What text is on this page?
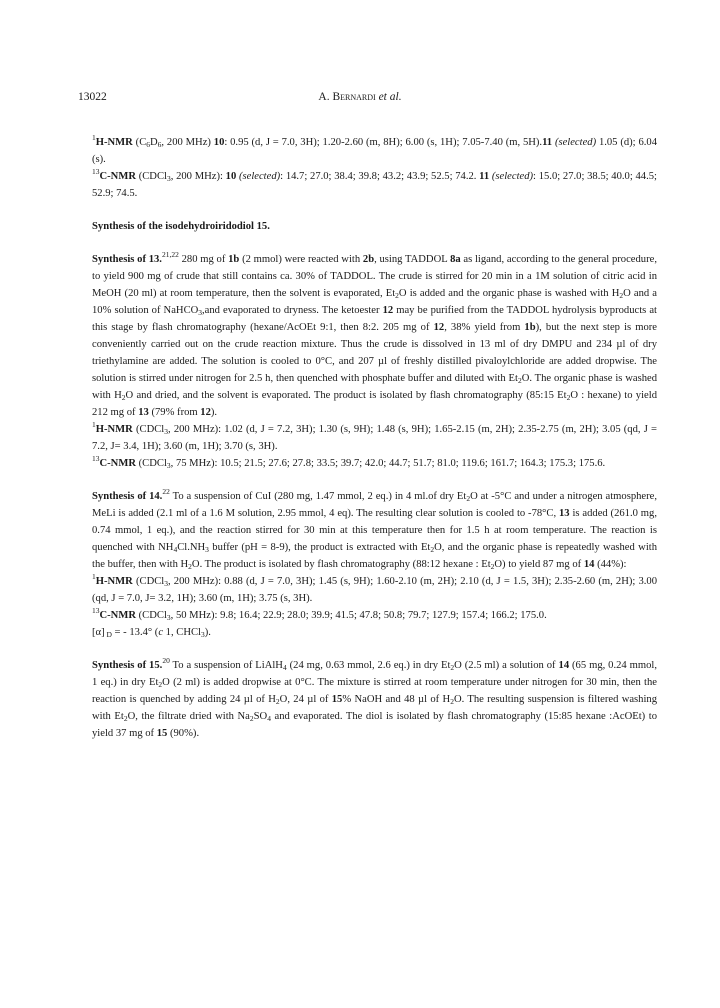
13022	A. Bernardi et al.

$^1$H-NMR ($C_6D_6$, 200 MHz) 10: 0.95 (d, J = 7.0, 3H); 1.20-2.60 (m, 8H); 6.00 (s, 1H); 7.05-7.40 (m, 5H).11 (selected) 1.05 (d); 6.04 (s).

$^{13}$C-NMR (CDCl$_3$, 200 MHz): 10 (selected): 14.7; 27.0; 38.4; 39.8; 43.2; 43.9; 52.5; 74.2. 11 (selected): 15.0; 27.0; 38.5; 40.0; 44.5; 52.9; 74.5.

Synthesis of the isodehydroiridodiol 15.

Synthesis of 13.$^{21,22}$ 280 mg of 1b (2 mmol) were reacted with 2b, using TADDOL 8a as ligand, according to the general procedure, to yield 900 mg of crude that still contains ca. 30% of TADDOL. The crude is stirred for 20 min in a 1M solution of citric acid in MeOH (20 ml) at room temperature, then the solvent is evaporated, $Et_2O$ is added and the organic phase is washed with $H_2O$ and a 10% solution of NaHCO$_3$,and evaporated to dryness. The ketoester 12 may be purified from the TADDOL hydrolysis byproducts at this stage by flash chromatography (hexane/AcOEt 9:1, then 8:2. 205 mg of 12, 38% yield from 1b), but the next step is more conveniently carried out on the crude reaction mixture. Thus the crude is dissolved in 13 ml of dry DMPU and 234 µl of dry triethylamine are added. The solution is cooled to 0°C, and 207 µl of freshly distilled pivaloylchloride are added dropwise. The solution is stirred under nitrogen for 2.5 h, then quenched with phosphate buffer and diluted with $Et_2O$. The organic phase is washed with $H_2O$ and dried, and the solvent is evaporated. The product is isolated by flash chromatography (85:15 $Et_2O$ : hexane) to yield 212 mg of 13 (79% from 12).

$^1$H-NMR (CDCl$_3$, 200 MHz): 1.02 (d, J = 7.2, 3H); 1.30 (s, 9H); 1.48 (s, 9H); 1.65-2.15 (m, 2H); 2.35-2.75 (m, 2H); 3.05 (qd, J = 7.2, J= 3.4, 1H); 3.60 (m, 1H); 3.70 (s, 3H).

$^{13}$C-NMR (CDCl$_3$, 75 MHz): 10.5; 21.5; 27.6; 27.8; 33.5; 39.7; 42.0; 44.7; 51.7; 81.0; 119.6; 161.7; 164.3; 175.3; 175.6.

Synthesis of 14.22 To a suspension of CuI (280 mg, 1.47 mmol, 2 eq.) in 4 ml.of dry $Et_2O$ at -5°C and under a nitrogen atmosphere, MeLi is added (2.1 ml of a 1.6 M solution, 2.95 mmol, 4 eq). The resulting clear solution is cooled to -78°C, 13 is added (261.0 mg, 0.74 mmol, 1 eq.), and the reaction stirred for 30 min at this temperature then for 1.5 h at room temperature. The reaction is quenched with $NH_4Cl.NH_3$ buffer (pH = 8-9), the product is extracted with $Et_2O$, and the organic phase is repeatedly washed with the buffer, then with $H_2O$. The product is isolated by flash chromatography (88:12 hexane : $Et_2O$) to yield 87 mg of 14 (44%):

$^1$H-NMR (CDCl$_3$, 200 MHz): 0.88 (d, J = 7.0, 3H); 1.45 (s, 9H); 1.60-2.10 (m, 2H); 2.10 (d, J = 1.5, 3H); 2.35-2.60 (m, 2H); 3.00 (qd, J = 7.0, J= 3.2, 1H); 3.60 (m, 1H); 3.75 (s, 3H).

$^{13}$C-NMR (CDCl$_3$, 50 MHz): 9.8; 16.4; 22.9; 28.0; 39.9; 41.5; 47.8; 50.8; 79.7; 127.9; 157.4; 166.2; 175.0.

[α] $_D$ = - 13.4° (c 1, CHCl$_3$).

Synthesis of 15.20 To a suspension of LiAlH$_4$ (24 mg, 0.63 mmol, 2.6 eq.) in dry $Et_2O$ (2.5 ml) a solution of 14 (65 mg, 0.24 mmol, 1 eq.) in dry $Et_2O$ (2 ml) is added dropwise at 0°C. The mixture is stirred at room temperature under nitrogen for 30 min, then the reaction is quenched by adding 24 µl of $H_2O$, 24 µl of 15% NaOH and 48 µl of $H_2O$. The resulting suspension is filtered washing with $Et_2O$, the filtrate dried with $Na_2SO_4$ and evaporated. The diol is isolated by flash chromatography (15:85 hexane :AcOEt) to yield 37 mg of 15 (90%).
